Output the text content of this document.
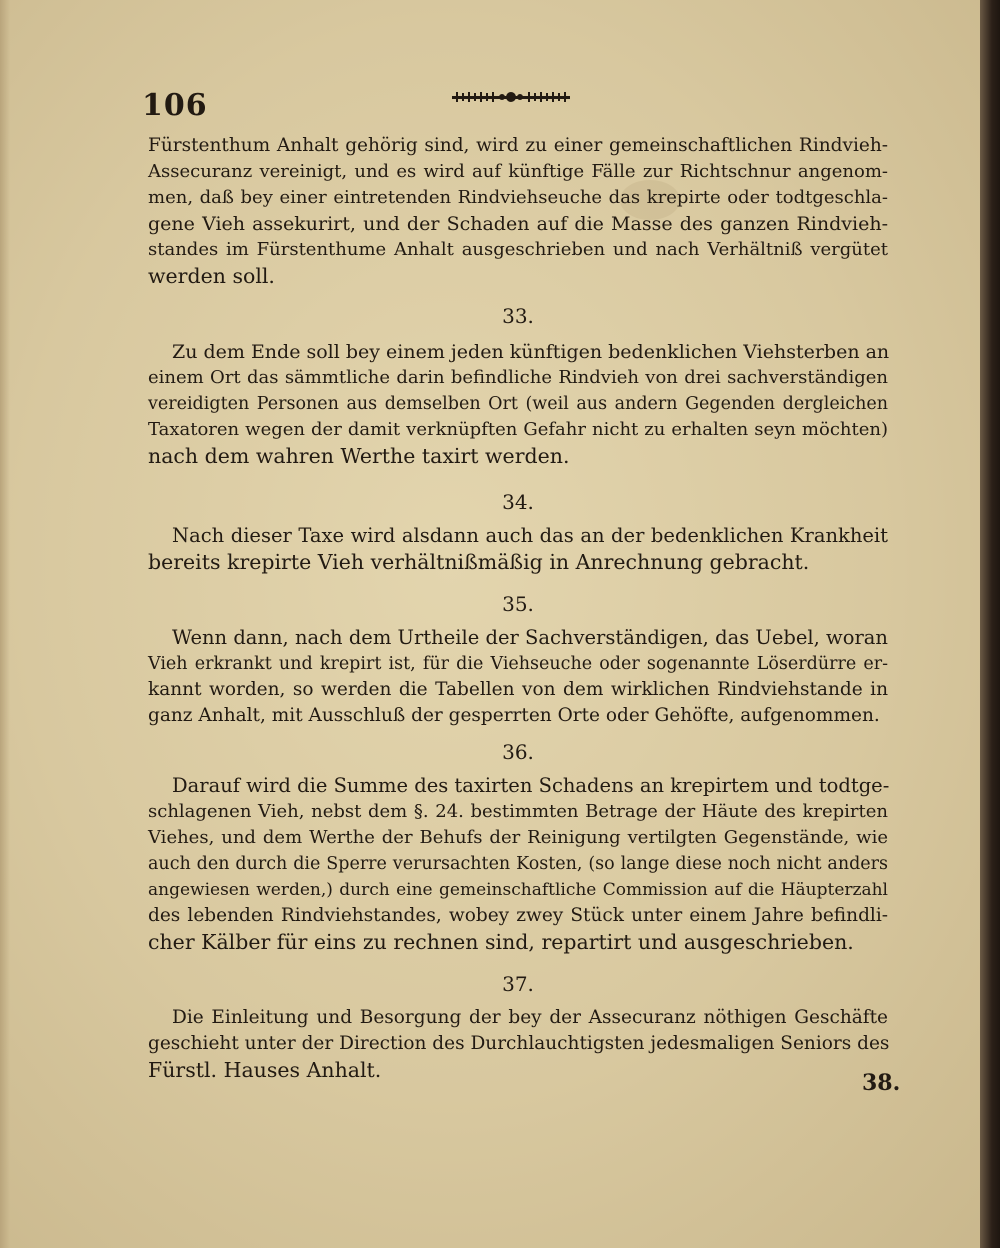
106
Fürstenthum Anhalt gehörig sind, wird zu einer gemeinschaftlichen Rindvieh-
Assecuranz vereinigt, und es wird auf künftige Fälle zur Richtschnur angenom-
men, daß bey einer eintretenden Rindviehseuche das krepirte oder todtgeschla-
gene Vieh assekurirt, und der Schaden auf die Masse des ganzen Rindvieh-
standes im Fürstenthume Anhalt ausgeschrieben und nach Verhältniß vergütet
werden soll.
33.
Zu dem Ende soll bey einem jeden künftigen bedenklichen Viehsterben an
einem Ort das sämmtliche darin befindliche Rindvieh von drei sachverständigen
vereidigten Personen aus demselben Ort (weil aus andern Gegenden dergleichen
Taxatoren wegen der damit verknüpften Gefahr nicht zu erhalten seyn möchten)
nach dem wahren Werthe taxirt werden.
34.
Nach dieser Taxe wird alsdann auch das an der bedenklichen Krankheit
bereits krepirte Vieh verhältnißmäßig in Anrechnung gebracht.
35.
Wenn dann, nach dem Urtheile der Sachverständigen, das Uebel, woran
Vieh erkrankt und krepirt ist, für die Viehseuche oder sogenannte Löserdürre er-
kannt worden, so werden die Tabellen von dem wirklichen Rindviehstande in
ganz Anhalt, mit Ausschluß der gesperrten Orte oder Gehöfte, aufgenommen.
36.
Darauf wird die Summe des taxirten Schadens an krepirtem und todtge-
schlagenen Vieh, nebst dem §. 24. bestimmten Betrage der Häute des krepirten
Viehes, und dem Werthe der Behufs der Reinigung vertilgten Gegenstände, wie
auch den durch die Sperre verursachten Kosten, (so lange diese noch nicht anders
angewiesen werden,) durch eine gemeinschaftliche Commission auf die Häupterzahl
des lebenden Rindviehstandes, wobey zwey Stück unter einem Jahre befindli-
cher Kälber für eins zu rechnen sind, repartirt und ausgeschrieben.
37.
Die Einleitung und Besorgung der bey der Assecuranz nöthigen Geschäfte
geschieht unter der Direction des Durchlauchtigsten jedesmaligen Seniors des
Fürstl. Hauses Anhalt.	38.
